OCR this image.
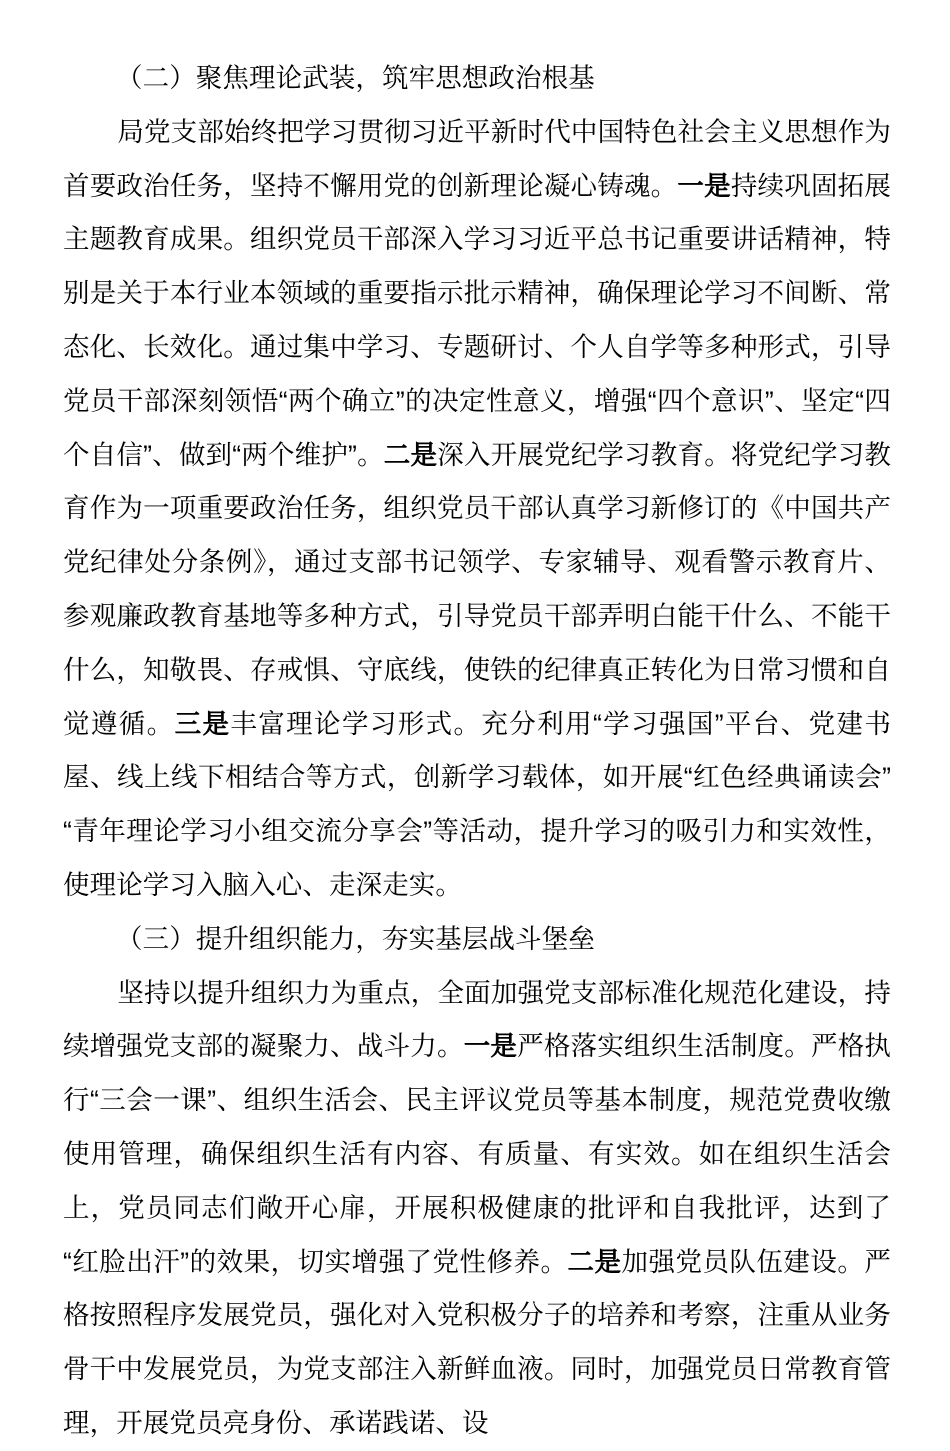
（二）聚焦理论武装，筑牢思想政治根基

局党支部始终把学习贯彻习近平新时代中国特色社会主义思想作为首要政治任务，坚持不懈用党的创新理论凝心铸魂。一是持续巩固拓展主题教育成果。组织党员干部深入学习习近平总书记重要讲话精神，特别是关于本行业本领域的重要指示批示精神，确保理论学习不间断、常态化、长效化。通过集中学习、专题研讨、个人自学等多种形式，引导党员干部深刻领悟“两个确立”的决定性意义，增强“四个意识”、坚定“四个自信”、做到“两个维护”。二是深入开展党纪学习教育。将党纪学习教育作为一项重要政治任务，组织党员干部认真学习新修订的《中国共产党纪律处分条例》，通过支部书记领学、专家辅导、观看警示教育片、参观廉政教育基地等多种方式，引导党员干部弄明白能干什么、不能干什么，知敬畏、存戒惧、守底线，使铁的纪律真正转化为日常习惯和自觉遵循。三是丰富理论学习形式。充分利用“学习强国”平台、党建书屋、线上线下相结合等方式，创新学习载体，如开展“红色经典诵读会”“青年理论学习小组交流分享会”等活动，提升学习的吸引力和实效性，使理论学习入脑入心、走深走实。

（三）提升组织能力，夯实基层战斗堡垒

坚持以提升组织力为重点，全面加强党支部标准化规范化建设，持续增强党支部的凝聚力、战斗力。一是严格落实组织生活制度。严格执行“三会一课”、组织生活会、民主评议党员等基本制度，规范党费收缴使用管理，确保组织生活有内容、有质量、有实效。如在组织生活会上，党员同志们敞开心扉，开展积极健康的批评和自我批评，达到了“红脸出汗”的效果，切实增强了党性修养。二是加强党员队伍建设。严格按照程序发展党员，强化对入党积极分子的培养和考察，注重从业务骨干中发展党员，为党支部注入新鲜血液。同时，加强党员日常教育管理，开展党员亮身份、承诺践诺、设
